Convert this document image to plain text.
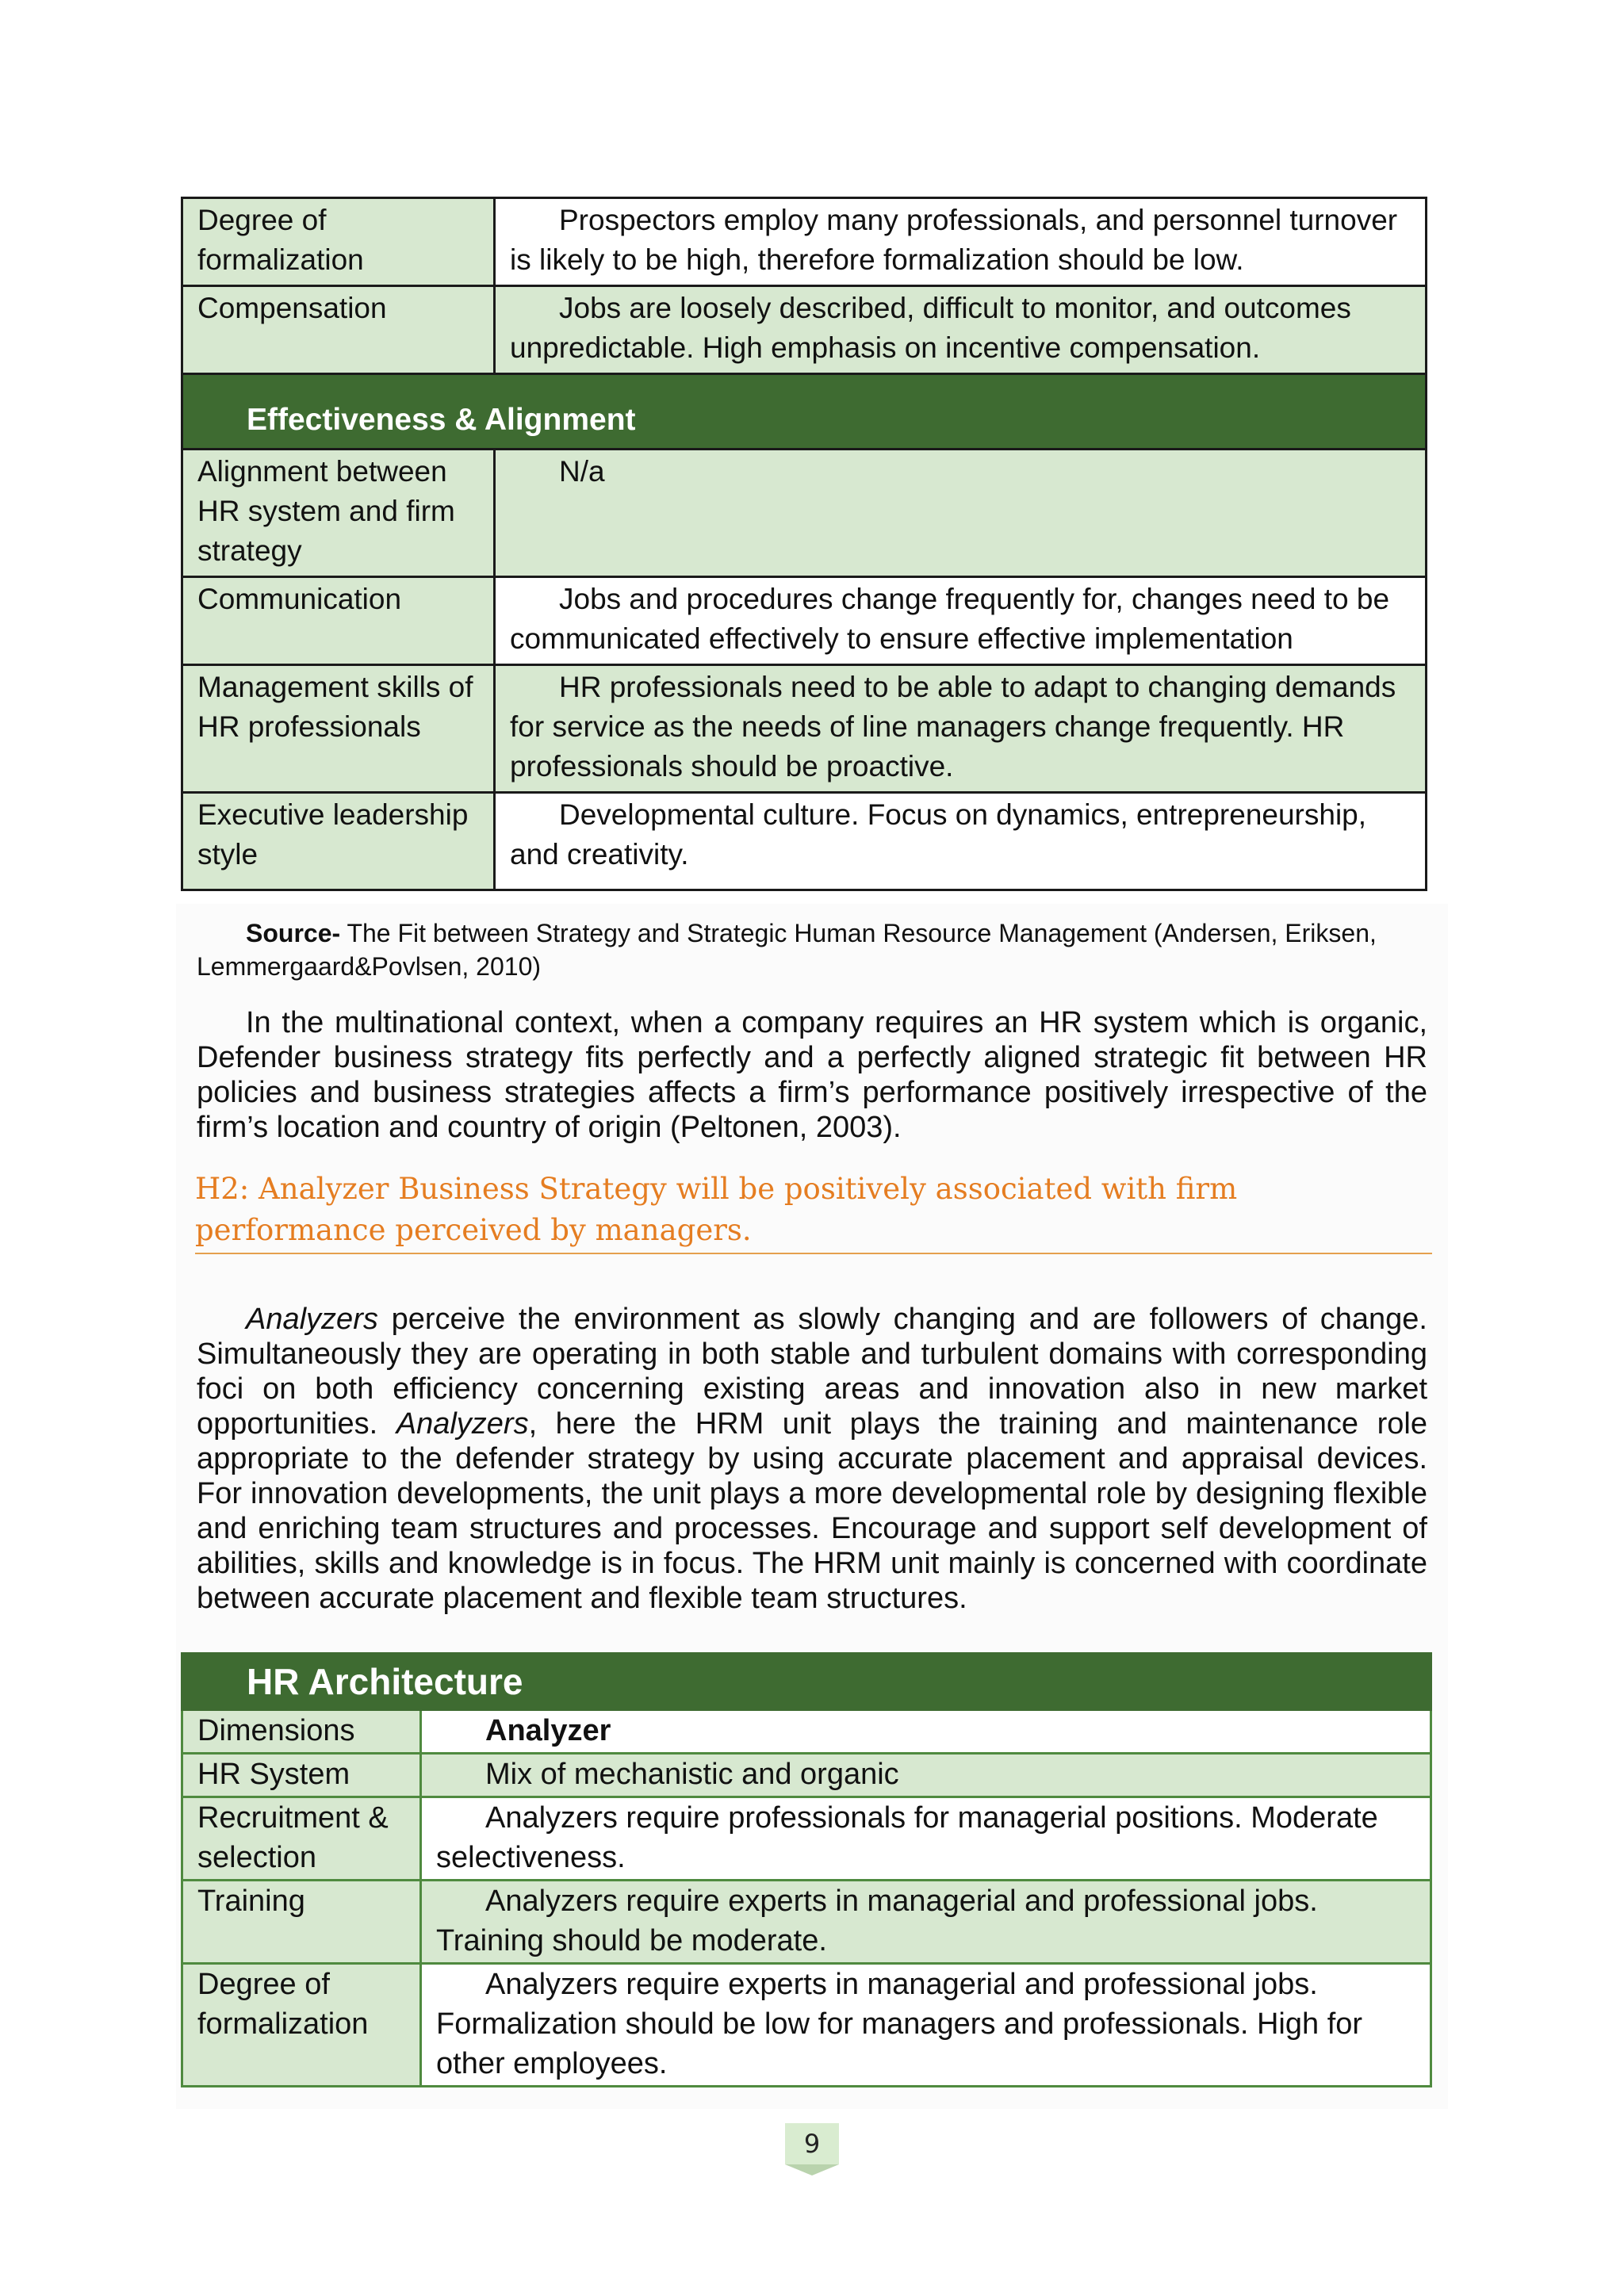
Degree of formalization	Prospectors employ many professionals, and personnel turnover is likely to be high, therefore formalization should be low.
Compensation	Jobs are loosely described, difficult to monitor, and outcomes unpredictable. High emphasis on incentive compensation.
Effectiveness & Alignment	
Alignment between HR system and firm strategy	N/a
Communication	Jobs and procedures change frequently for, changes need to be communicated effectively to ensure effective implementation
Management skills of HR professionals	HR professionals need to be able to adapt to changing demands for service as the needs of line managers change frequently. HR professionals should be proactive.
Executive leadership style	Developmental culture. Focus on dynamics, entrepreneurship, and creativity.
Source- The Fit between Strategy and Strategic Human Resource Management (Andersen, Eriksen, Lemmergaard&Povlsen, 2010)
In the multinational context, when a company requires an HR system which is organic, Defender business strategy fits perfectly and a perfectly aligned strategic fit between HR policies and business strategies affects a firm’s performance positively irrespective of the firm’s location and country of origin (Peltonen, 2003).
H2: Analyzer Business Strategy will be positively associated with firm performance perceived by managers.
Analyzers perceive the environment as slowly changing and are followers of change. Simultaneously they are operating in both stable and turbulent domains with corresponding foci on both efficiency concerning existing areas and innovation also in new market opportunities. Analyzers, here the HRM unit plays the training and maintenance role appropriate to the defender strategy by using accurate placement and appraisal devices. For innovation developments, the unit plays a more developmental role by designing flexible and enriching team structures and processes. Encourage and support self development of abilities, skills and knowledge is in focus. The HRM unit mainly is concerned with coordinate between accurate placement and flexible team structures.
HR Architecture	
Dimensions	Analyzer
HR System	Mix of mechanistic and organic
Recruitment & selection	Analyzers require professionals for managerial positions. Moderate selectiveness.
Training	Analyzers require experts in managerial and professional jobs. Training should be moderate.
Degree of formalization	Analyzers require experts in managerial and professional jobs. Formalization should be low for managers and professionals. High for other employees.
9
